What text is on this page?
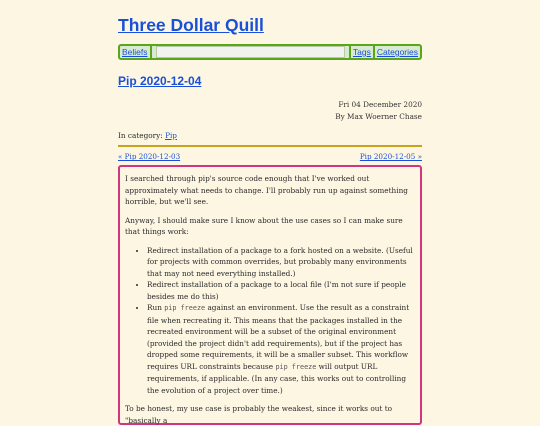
Three Dollar Quill
Beliefs	Tags Categories
Pip 2020-12-04
Fri 04 December 2020
By Max Woerner Chase
In category: Pip
« Pip 2020-12-03	Pip 2020-12-05 »

I searched through pip's source code enough that I've worked out approximately what needs to change. I'll probably run up against something horrible, but we'll see.

Anyway, I should make sure I know about the use cases so I can make sure that things work:

• Redirect installation of a package to a fork hosted on a website. (Useful for projects with common overrides, but probably many environments that may not need everything installed.)
• Redirect installation of a package to a local file (I'm not sure if people besides me do this)
• Run pip freeze against an environment. Use the result as a constraint file when recreating it. This means that the packages installed in the recreated environment will be a subset of the original environment (provided the project didn't add requirements), but if the project has dropped some requirements, it will be a smaller subset. This workflow requires URL constraints because pip freeze will output URL requirements, if applicable. (In any case, this works out to controlling the evolution of a project over time.)

To be honest, my use case is probably the weakest, since it works out to "basically a
